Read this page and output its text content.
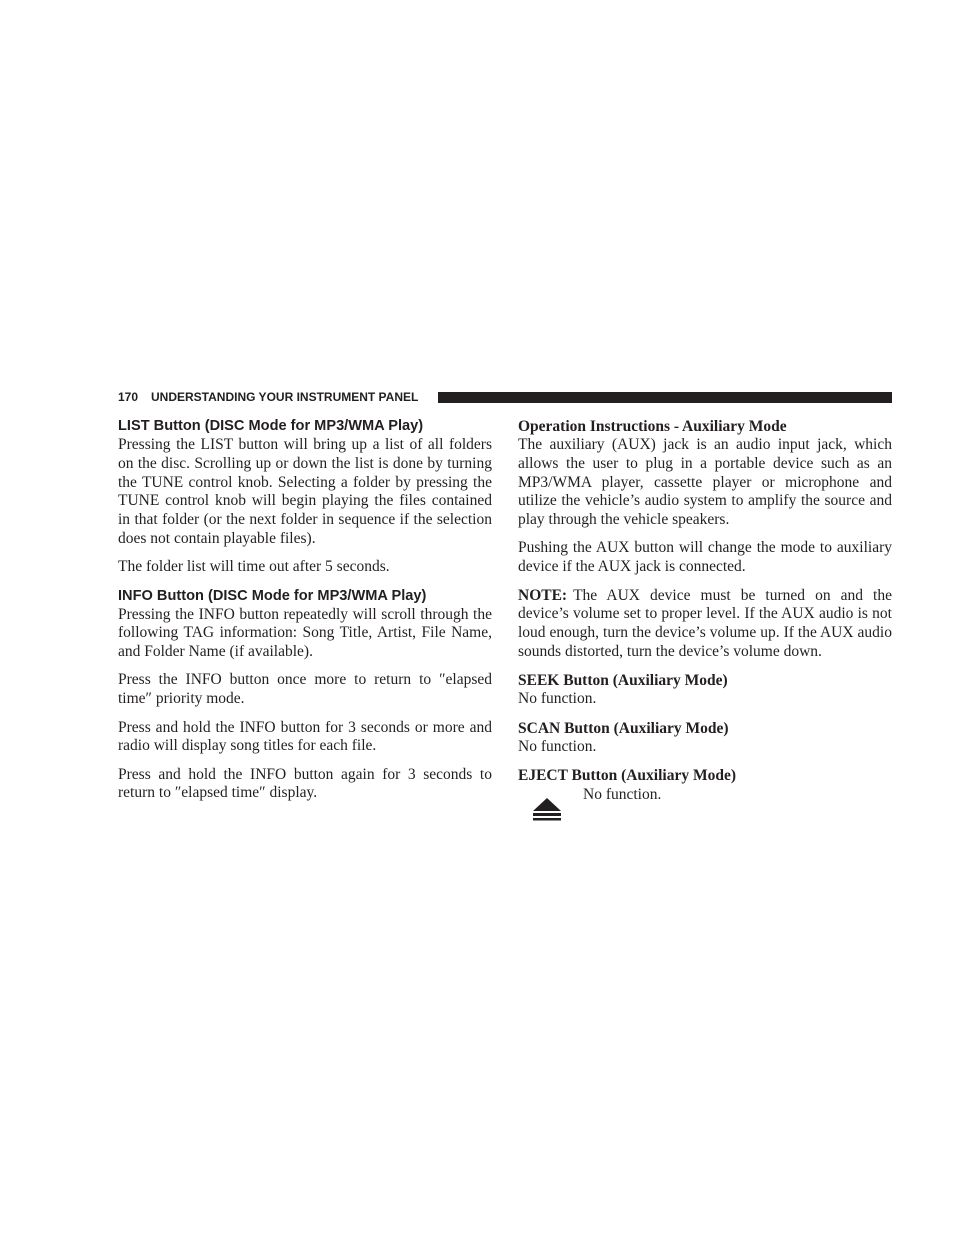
170 UNDERSTANDING YOUR INSTRUMENT PANEL
LIST Button (DISC Mode for MP3/WMA Play)

Pressing the LIST button will bring up a list of all folders on the disc. Scrolling up or down the list is done by turning the TUNE control knob. Selecting a folder by pressing the TUNE control knob will begin playing the files contained in that folder (or the next folder in sequence if the selection does not contain playable files).

The folder list will time out after 5 seconds.

INFO Button (DISC Mode for MP3/WMA Play)

Pressing the INFO button repeatedly will scroll through the following TAG information: Song Title, Artist, File Name, and Folder Name (if available).

Press the INFO button once more to return to ″elapsed time″ priority mode.

Press and hold the INFO button for 3 seconds or more and radio will display song titles for each file.

Press and hold the INFO button again for 3 seconds to return to ″elapsed time″ display.

Operation Instructions - Auxiliary Mode

The auxiliary (AUX) jack is an audio input jack, which allows the user to plug in a portable device such as an MP3/WMA player, cassette player or microphone and utilize the vehicle’s audio system to amplify the source and play through the vehicle speakers.

Pushing the AUX button will change the mode to auxiliary device if the AUX jack is connected.

NOTE: The AUX device must be turned on and the device’s volume set to proper level. If the AUX audio is not loud enough, turn the device’s volume up. If the AUX audio sounds distorted, turn the device’s volume down.

SEEK Button (Auxiliary Mode)

No function.

SCAN Button (Auxiliary Mode)

No function.

EJECT Button (Auxiliary Mode)
No function.
